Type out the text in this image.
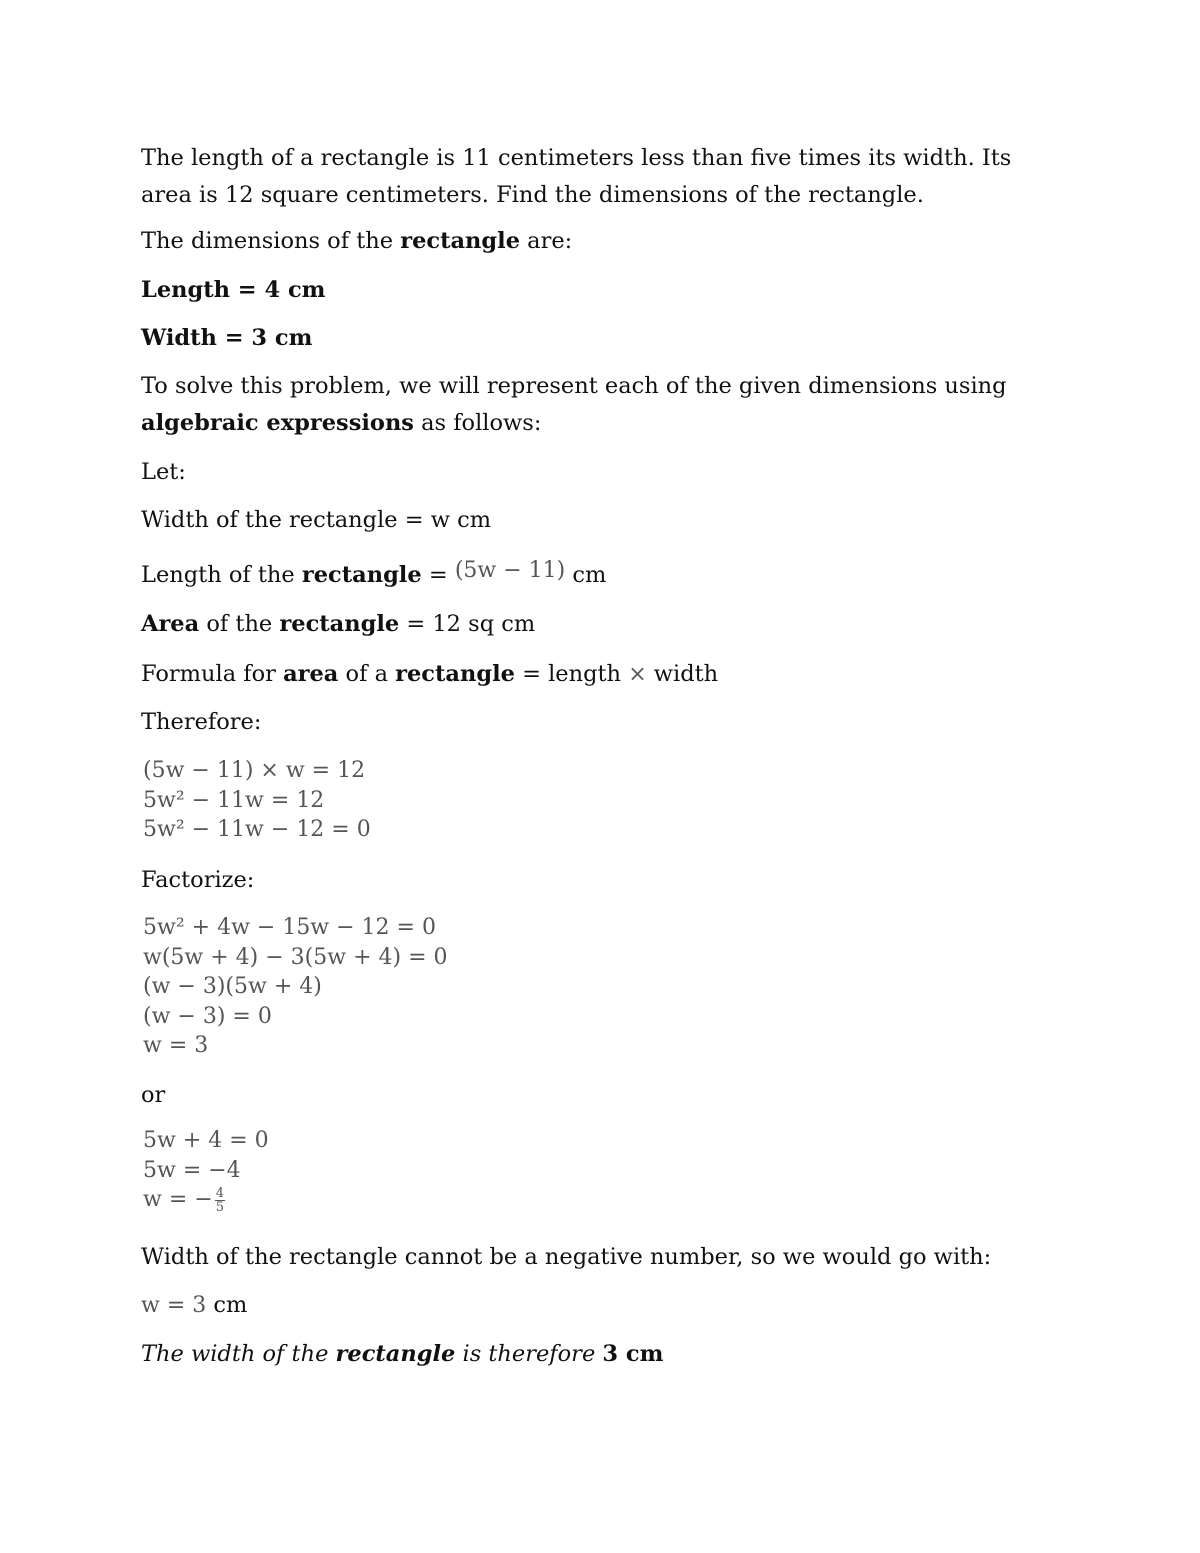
The length of a rectangle is 11 centimeters less than five times its width. Its
area is 12 square centimeters. Find the dimensions of the rectangle.

The dimensions of the rectangle are:

Length = 4 cm

Width = 3 cm

To solve this problem, we will represent each of the given dimensions using
algebraic expressions as follows:

Let:

Width of the rectangle = w cm

Length of the rectangle = (5w − 11) cm

Area of the rectangle = 12 sq cm

Formula for area of a rectangle = length × width

Therefore:

(5w − 11) × w = 12
5w² − 11w = 12
5w² − 11w − 12 = 0

Factorize:

5w² + 4w − 15w − 12 = 0
w(5w + 4) − 3(5w + 4) = 0
(w − 3)(5w + 4)
(w − 3) = 0
w = 3

or

5w + 4 = 0
5w = −4
w = − $\frac{4}{5}$

Width of the rectangle cannot be a negative number, so we would go with:

w = 3 cm

The width of the rectangle is therefore 3 cm
